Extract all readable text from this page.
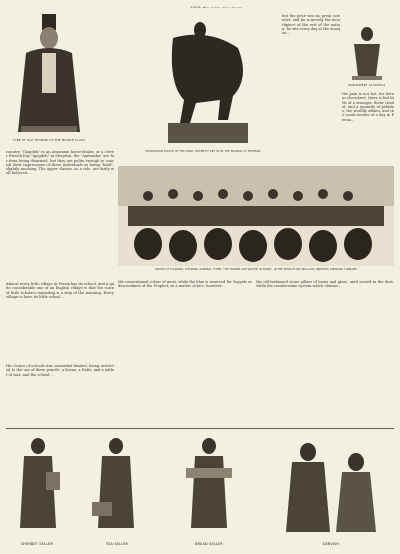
TYPE OF OLD TEHRANI OF THE MIDDLE CLASS
EQUESTRIAN STATUE OF THE SHAH, RECENTLY SET UP IN THE MAIDAN, AT TEHERAN
but the price was no great scientist, and he is merely the mouthpiece of the rest of the nation; he sits every day at the mosque...
PUNISHMENT AT SCHOOL
the pain is not hot, for here as elsewhere, there is but little of a stranger, these citadel; and a quantity of pebbles; the worldly affairs, and the usual routine of a day in Persia...
country "Ojagdeh" to an Armenian horse-dealer, or a clever French boy "Ajagdeh" in Sheydun, the "Ambaisha" are far from being disarmed, but they are polite enough to conceal their impressions of these individuals as being "hind", slightly mocking. The upper classes, as a rule, are fairly well-behaved...
Almost every little village in Persia has its school, and a quite considerable one of an English village is that the voice of little scholars repeating is a drip of the morning. Every village to have its little school...
His choice of schools was somewhat limited, being restricted to the use of three pencils: a Koran, a Hafiz, and a tablet of wax, and the school...
GROUP OF PILGRIMS, SHOWING GENERAL TYPES: THE WOMEN ARE SEATED IN FRONT, IN THE MIDDLE ARE MULLAHS (PRIESTS) WEARING TURBANS
the conventional colour of meat, while the blue is reserved for Sayyids or descendants of the Prophet; as a matter of fact, however...
the old-fashioned stone pillars of brass and glass, until seated in the dust, while the cumbersome system which obtains...
SHERBET SELLER	TEA SELLER	BREAD SELLER	DERVISH
